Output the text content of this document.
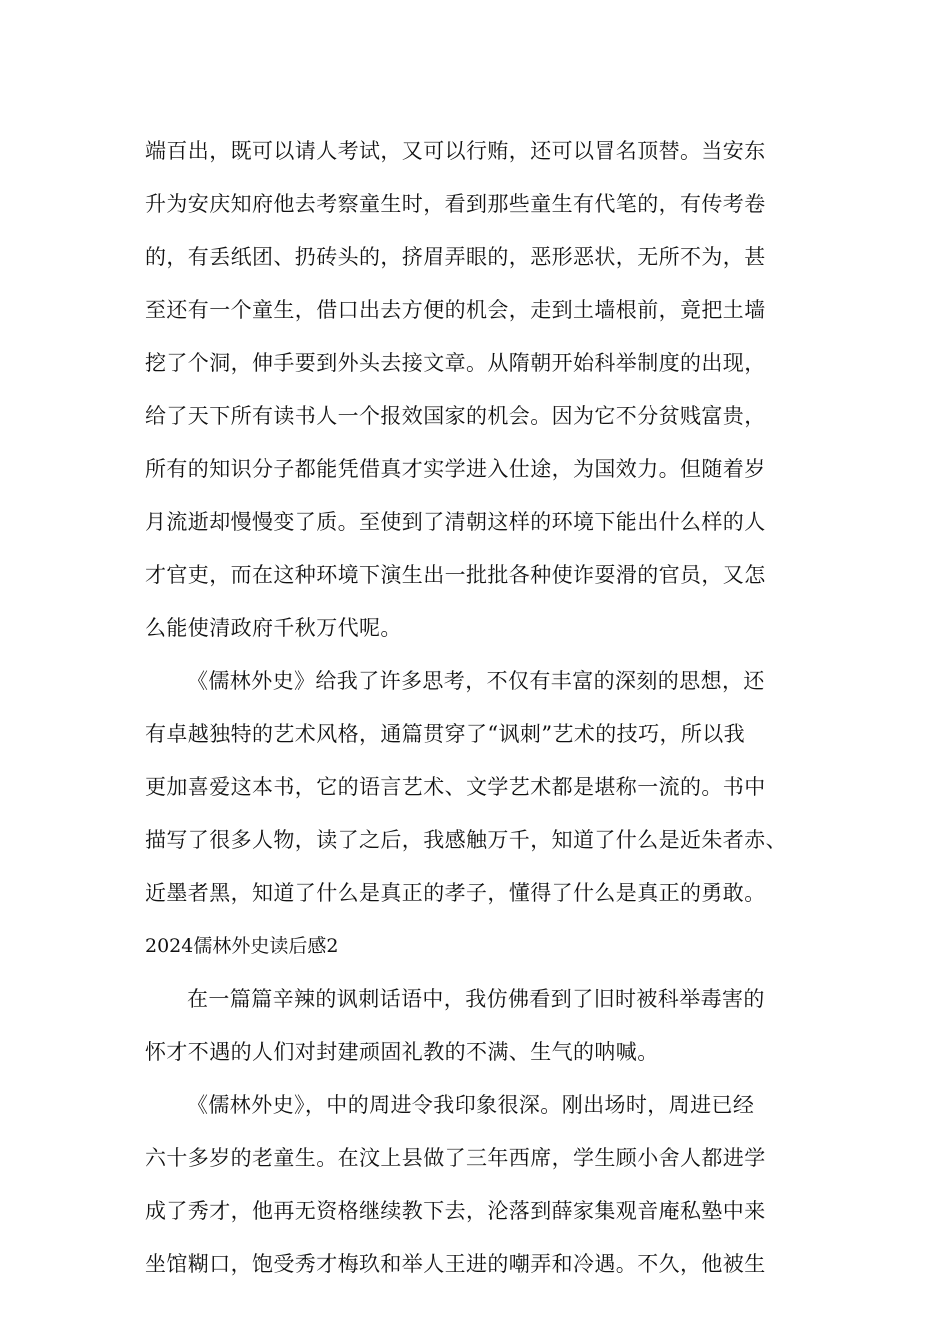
端百出，既可以请人考试，又可以行贿，还可以冒名顶替。当安东
升为安庆知府他去考察童生时，看到那些童生有代笔的，有传考卷
的，有丢纸团、扔砖头的，挤眉弄眼的，恶形恶状，无所不为，甚
至还有一个童生，借口出去方便的机会，走到土墙根前，竟把土墙
挖了个洞，伸手要到外头去接文章。从隋朝开始科举制度的出现，
给了天下所有读书人一个报效国家的机会。因为它不分贫贱富贵，
所有的知识分子都能凭借真才实学进入仕途，为国效力。但随着岁
月流逝却慢慢变了质。至使到了清朝这样的环境下能出什么样的人
才官吏，而在这种环境下演生出一批批各种使诈耍滑的官员，又怎
么能使清政府千秋万代呢。
《儒林外史》给我了许多思考，不仅有丰富的深刻的思想，还
有卓越独特的艺术风格，通篇贯穿了“讽刺”艺术的技巧，所以我
更加喜爱这本书，它的语言艺术、文学艺术都是堪称一流的。书中
描写了很多人物，读了之后，我感触万千，知道了什么是近朱者赤、
近墨者黑，知道了什么是真正的孝子，懂得了什么是真正的勇敢。
2024儒林外史读后感2
在一篇篇辛辣的讽刺话语中，我仿佛看到了旧时被科举毒害的
怀才不遇的人们对封建顽固礼教的不满、生气的呐喊。
《儒林外史》，中的周进令我印象很深。刚出场时，周进已经
六十多岁的老童生。在汶上县做了三年西席，学生顾小舍人都进学
成了秀才，他再无资格继续教下去，沦落到薛家集观音庵私塾中来
坐馆糊口，饱受秀才梅玖和举人王进的嘲弄和冷遇。不久，他被生
